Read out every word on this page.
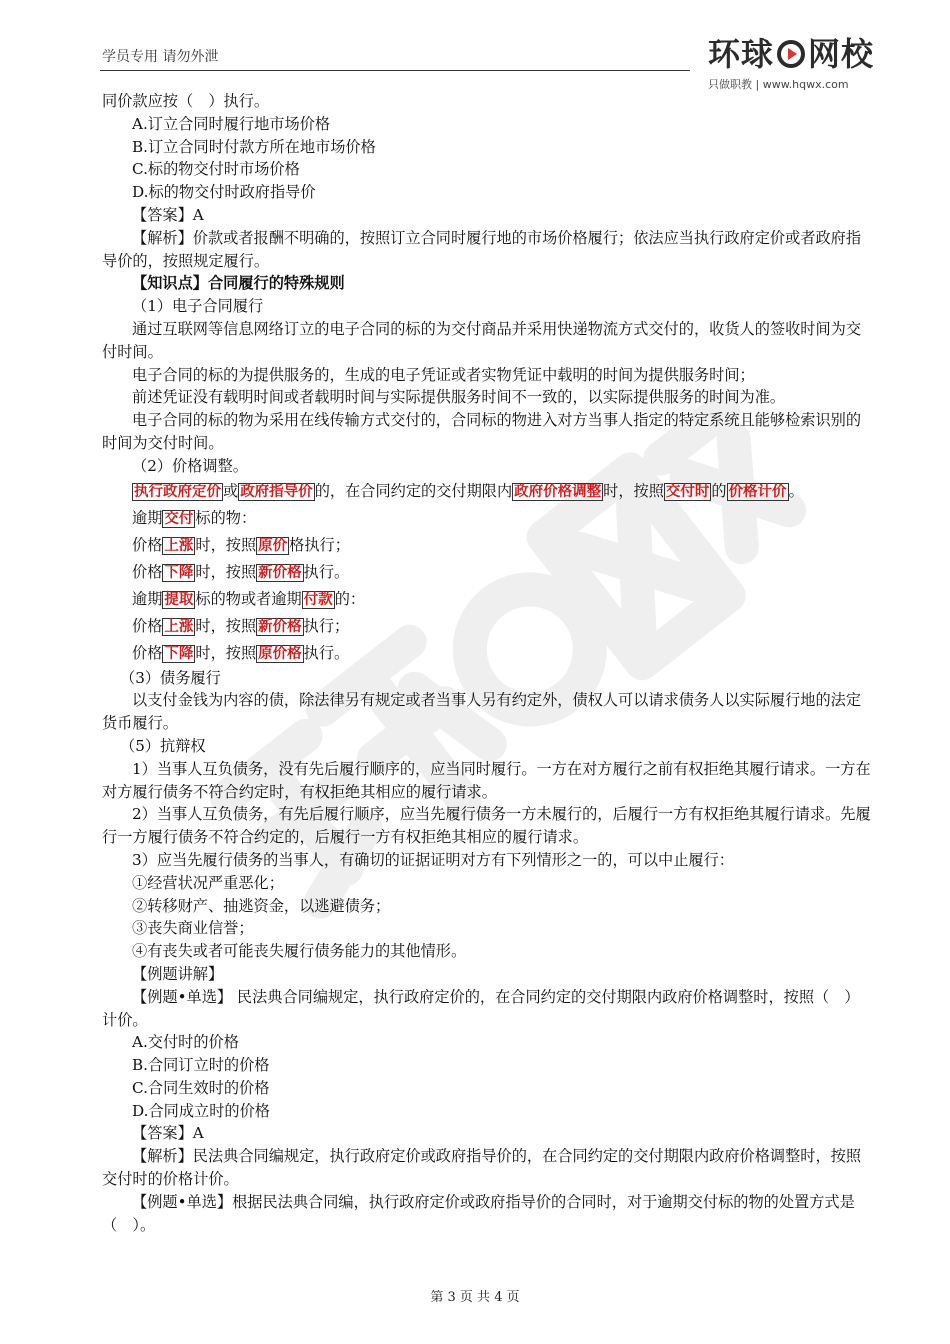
学员专用 请勿外泄	环球 网校
只做职教 | www.hqwx.com

同价款应按（　）执行。

A.订立合同时履行地市场价格

B.订立合同时付款方所在地市场价格

C.标的物交付时市场价格

D.标的物交付时政府指导价

【答案】A

【解析】价款或者报酬不明确的，按照订立合同时履行地的市场价格履行；依法应当执行政府定价或者政府指导价的，按照规定履行。

【知识点】合同履行的特殊规则

（1）电子合同履行

通过互联网等信息网络订立的电子合同的标的为交付商品并采用快递物流方式交付的，收货人的签收时间为交付时间。

电子合同的标的为提供服务的，生成的电子凭证或者实物凭证中载明的时间为提供服务时间；

前述凭证没有载明时间或者载明时间与实际提供服务时间不一致的，以实际提供服务的时间为准。

电子合同的标的物为采用在线传输方式交付的，合同标的物进入对方当事人指定的特定系统且能够检索识别的时间为交付时间。

（2）价格调整。

执行政府定价 或 政府指导价 的，在合同约定的交付期限内 政府价格调整 时，按照 交付时 的 价格计价 。

逾期 交付 标的物：

价格 上涨 时，按照 原价 格执行；

价格 下降 时，按照 新价格 执行。

逾期 提取 标的物或者逾期 付款 的：

价格 上涨 时，按照 新价格 执行；

价格 下降 时，按照 原价格 执行。

（3）债务履行

以支付金钱为内容的债，除法律另有规定或者当事人另有约定外，债权人可以请求债务人以实际履行地的法定货币履行。

（5）抗辩权

1）当事人互负债务，没有先后履行顺序的，应当同时履行。一方在对方履行之前有权拒绝其履行请求。一方在对方履行债务不符合约定时，有权拒绝其相应的履行请求。

2）当事人互负债务，有先后履行顺序，应当先履行债务一方未履行的，后履行一方有权拒绝其履行请求。先履行一方履行债务不符合约定的，后履行一方有权拒绝其相应的履行请求。

3）应当先履行债务的当事人，有确切的证据证明对方有下列情形之一的，可以中止履行：

①经营状况严重恶化；

②转移财产、抽逃资金，以逃避债务；

③丧失商业信誉；

④有丧失或者可能丧失履行债务能力的其他情形。

【例题讲解】

【例题•单选】 民法典合同编规定，执行政府定价的，在合同约定的交付期限内政府价格调整时，按照（　）计价。

A.交付时的价格

B.合同订立时的价格

C.合同生效时的价格

D.合同成立时的价格

【答案】A

【解析】民法典合同编规定，执行政府定价或政府指导价的，在合同约定的交付期限内政府价格调整时，按照交付时的价格计价。

【例题•单选】根据民法典合同编，执行政府定价或政府指导价的合同时，对于逾期交付标的物的处置方式是（　）。

第 3 页 共 4 页
